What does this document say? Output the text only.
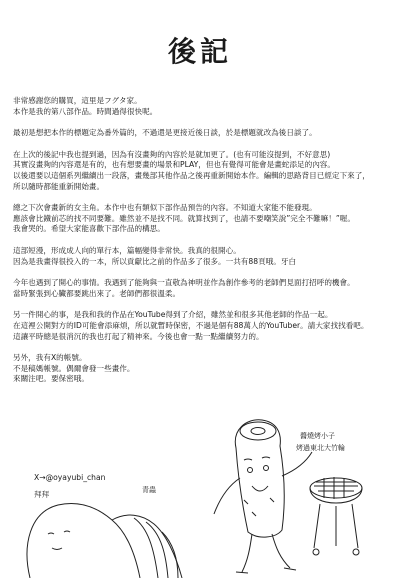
後記
非常感謝您的購買，這里是フグタ家。
本作是我的第八部作品。時間過得很快呢。
最初是想把本作的標題定為番外篇的，不過還是更接近後日談，於是標題就改為後日談了。
在上次的後記中我也提到過，因為有沒畫夠的內容於是就加更了。(也有可能沒提到，不好意思)
其實沒畫夠的內容還是有的，也有想要畫的場景和PLAY，但也有覺得可能會是畫蛇添足的內容。
以後還要以這個系列繼續出一段落，畫幾部其他作品之後再重新開始本作。編輯的思路背目已經定下來了，
所以隨時都能重新開始畫。
總之下次會畫新的女主角。本作中也有類似下部作品預告的內容。不知道大家能不能發現。
應該會比鐵前芯的找不同要難。雖然並不是找不同。就算找到了，也請不要嘲笑說”完全不難嘛！”喔。
我會哭的。希望大家能喜歡下部作品的構思。
這部短漫，形成成人向的單行本，篇幅變得非常快。我真的很開心。
因為是我畫得很投入的一本，所以貢獻比之前的作品多了很多。一共有88頁哦。牙白
今年也遇到了開心的事情。我遇到了能夠與一直敬為神明並作為創作參考的老師們見面打招呼的機會。
當時緊張到心臟都要跳出來了。老師們都很溫柔。
另一件開心的事，是我和我的作品在YouTube得到了介紹，雖然並和很多其他老師的作品一起。
在這裡公開對方的ID可能會添麻煩，所以就暫時保密，不過是個有88萬人的YouTuber。請大家找找看吧。
這讓平時總是很消沉的我也打起了精神來。今後也會一點一點繼續努力的。
另外，我有X的帳號。
不是稿媽帳號。偶爾會發一些畫作。
來關注吧。要保密哦。
X→@oyayubi_chan
拜拜	青蟲
醬燒烤小子
烤過東北大竹輪
